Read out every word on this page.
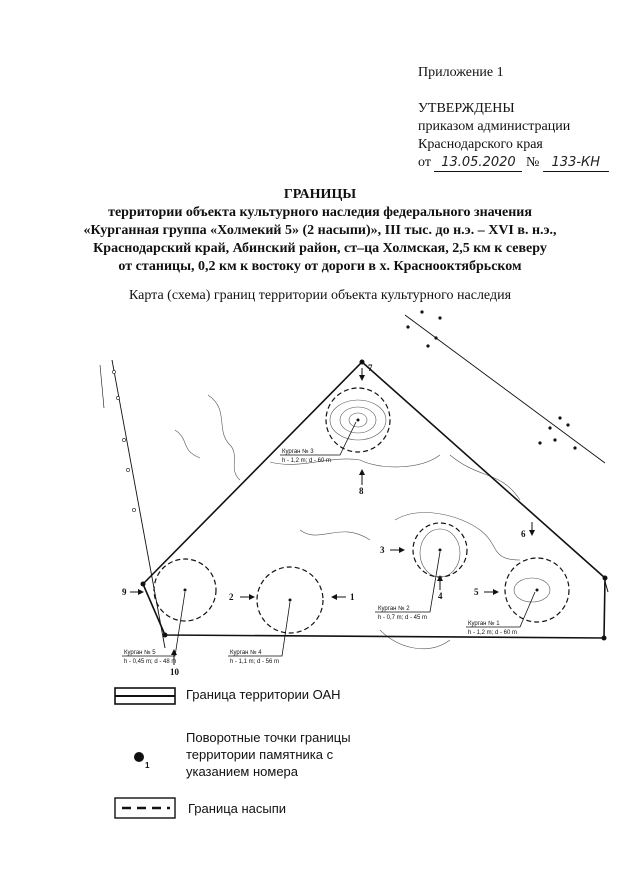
Приложение 1
УТВЕРЖДЕНЫ
приказом администрации
Краснодарского края
от 13.05.2020 № 133-КН
ГРАНИЦЫ
территории объекта культурного наследия федерального значения
«Курганная группа «Холмекий 5» (2 насыпи)», III тыс. до н.э. – XVI в. н.э.,
Краснодарский край, Абинский район, ст–ца Холмская, 2,5 км к северу
от станицы, 0,2 км к востоку от дороги в х. Краснооктябрьском
Карта (схема) границ территории объекта культурного наследия
1
2
3
4	5
6
7
8
9
10
Курган № 3
h - 1,2 m; d - 60 m
Курган № 2
h - 0,7 m; d - 45 m
Курган № 1
h - 1,2 m; d - 60 m
Курган № 5
h - 0,45 m; d - 48 m
Курган № 4
h - 1,1 m; d - 56 m
Граница территории ОАН
1
Поворотные точки границы
территории памятника с
указанием номера
Граница насыпи
